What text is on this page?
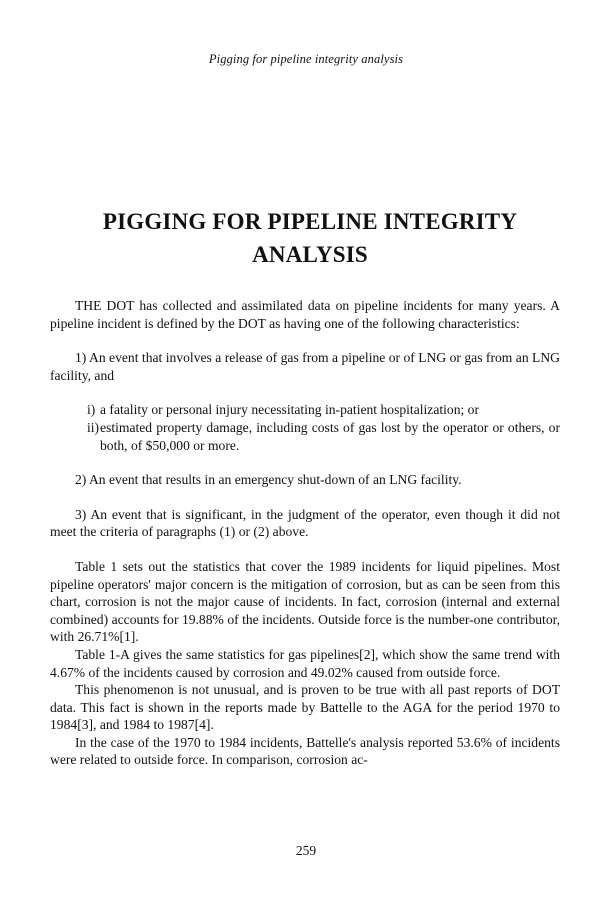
Pigging for pipeline integrity analysis
PIGGING FOR PIPELINE INTEGRITY
ANALYSIS

THE DOT has collected and assimilated data on pipeline incidents for many years. A pipeline incident is defined by the DOT as having one of the following characteristics:

1) An event that involves a release of gas from a pipeline or of LNG or gas from an LNG facility, and

i) a fatality or personal injury necessitating in-patient hospitalization; or
ii) estimated property damage, including costs of gas lost by the operator or others, or both, of $50,000 or more.

2) An event that results in an emergency shut-down of an LNG facility.

3) An event that is significant, in the judgment of the operator, even though it did not meet the criteria of paragraphs (1) or (2) above.

Table 1 sets out the statistics that cover the 1989 incidents for liquid pipelines. Most pipeline operators' major concern is the mitigation of corrosion, but as can be seen from this chart, corrosion is not the major cause of incidents. In fact, corrosion (internal and external combined) accounts for 19.88% of the incidents. Outside force is the number-one contributor, with 26.71%[1].

Table 1-A gives the same statistics for gas pipelines[2], which show the same trend with 4.67% of the incidents caused by corrosion and 49.02% caused from outside force.

This phenomenon is not unusual, and is proven to be true with all past reports of DOT data. This fact is shown in the reports made by Battelle to the AGA for the period 1970 to 1984[3], and 1984 to 1987[4].

In the case of the 1970 to 1984 incidents, Battelle's analysis reported 53.6% of incidents were related to outside force. In comparison, corrosion ac-

259
